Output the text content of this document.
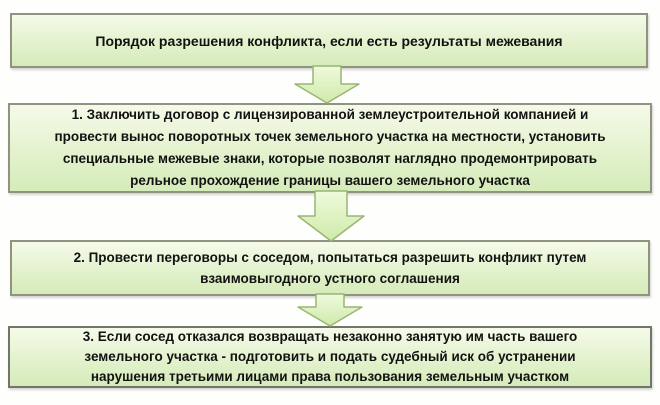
Порядок разрешения конфликта, если есть результаты межевания
1. Заключить договор с лицензированной землеустроительной компанией и
провести вынос поворотных точек земельного участка на местности, установить
специальные межевые знаки, которые позволят наглядно продемонтрировать
рельное прохождение границы вашего земельного участка
2. Провести переговоры с соседом, попытаться разрешить конфликт путем
взаимовыгодного устного соглашения
3. Если сосед отказался возвращать незаконно занятую им часть вашего
земельного участка - подготовить и подать судебный иск об устранении
нарушения третьими лицами права пользования земельным участком
